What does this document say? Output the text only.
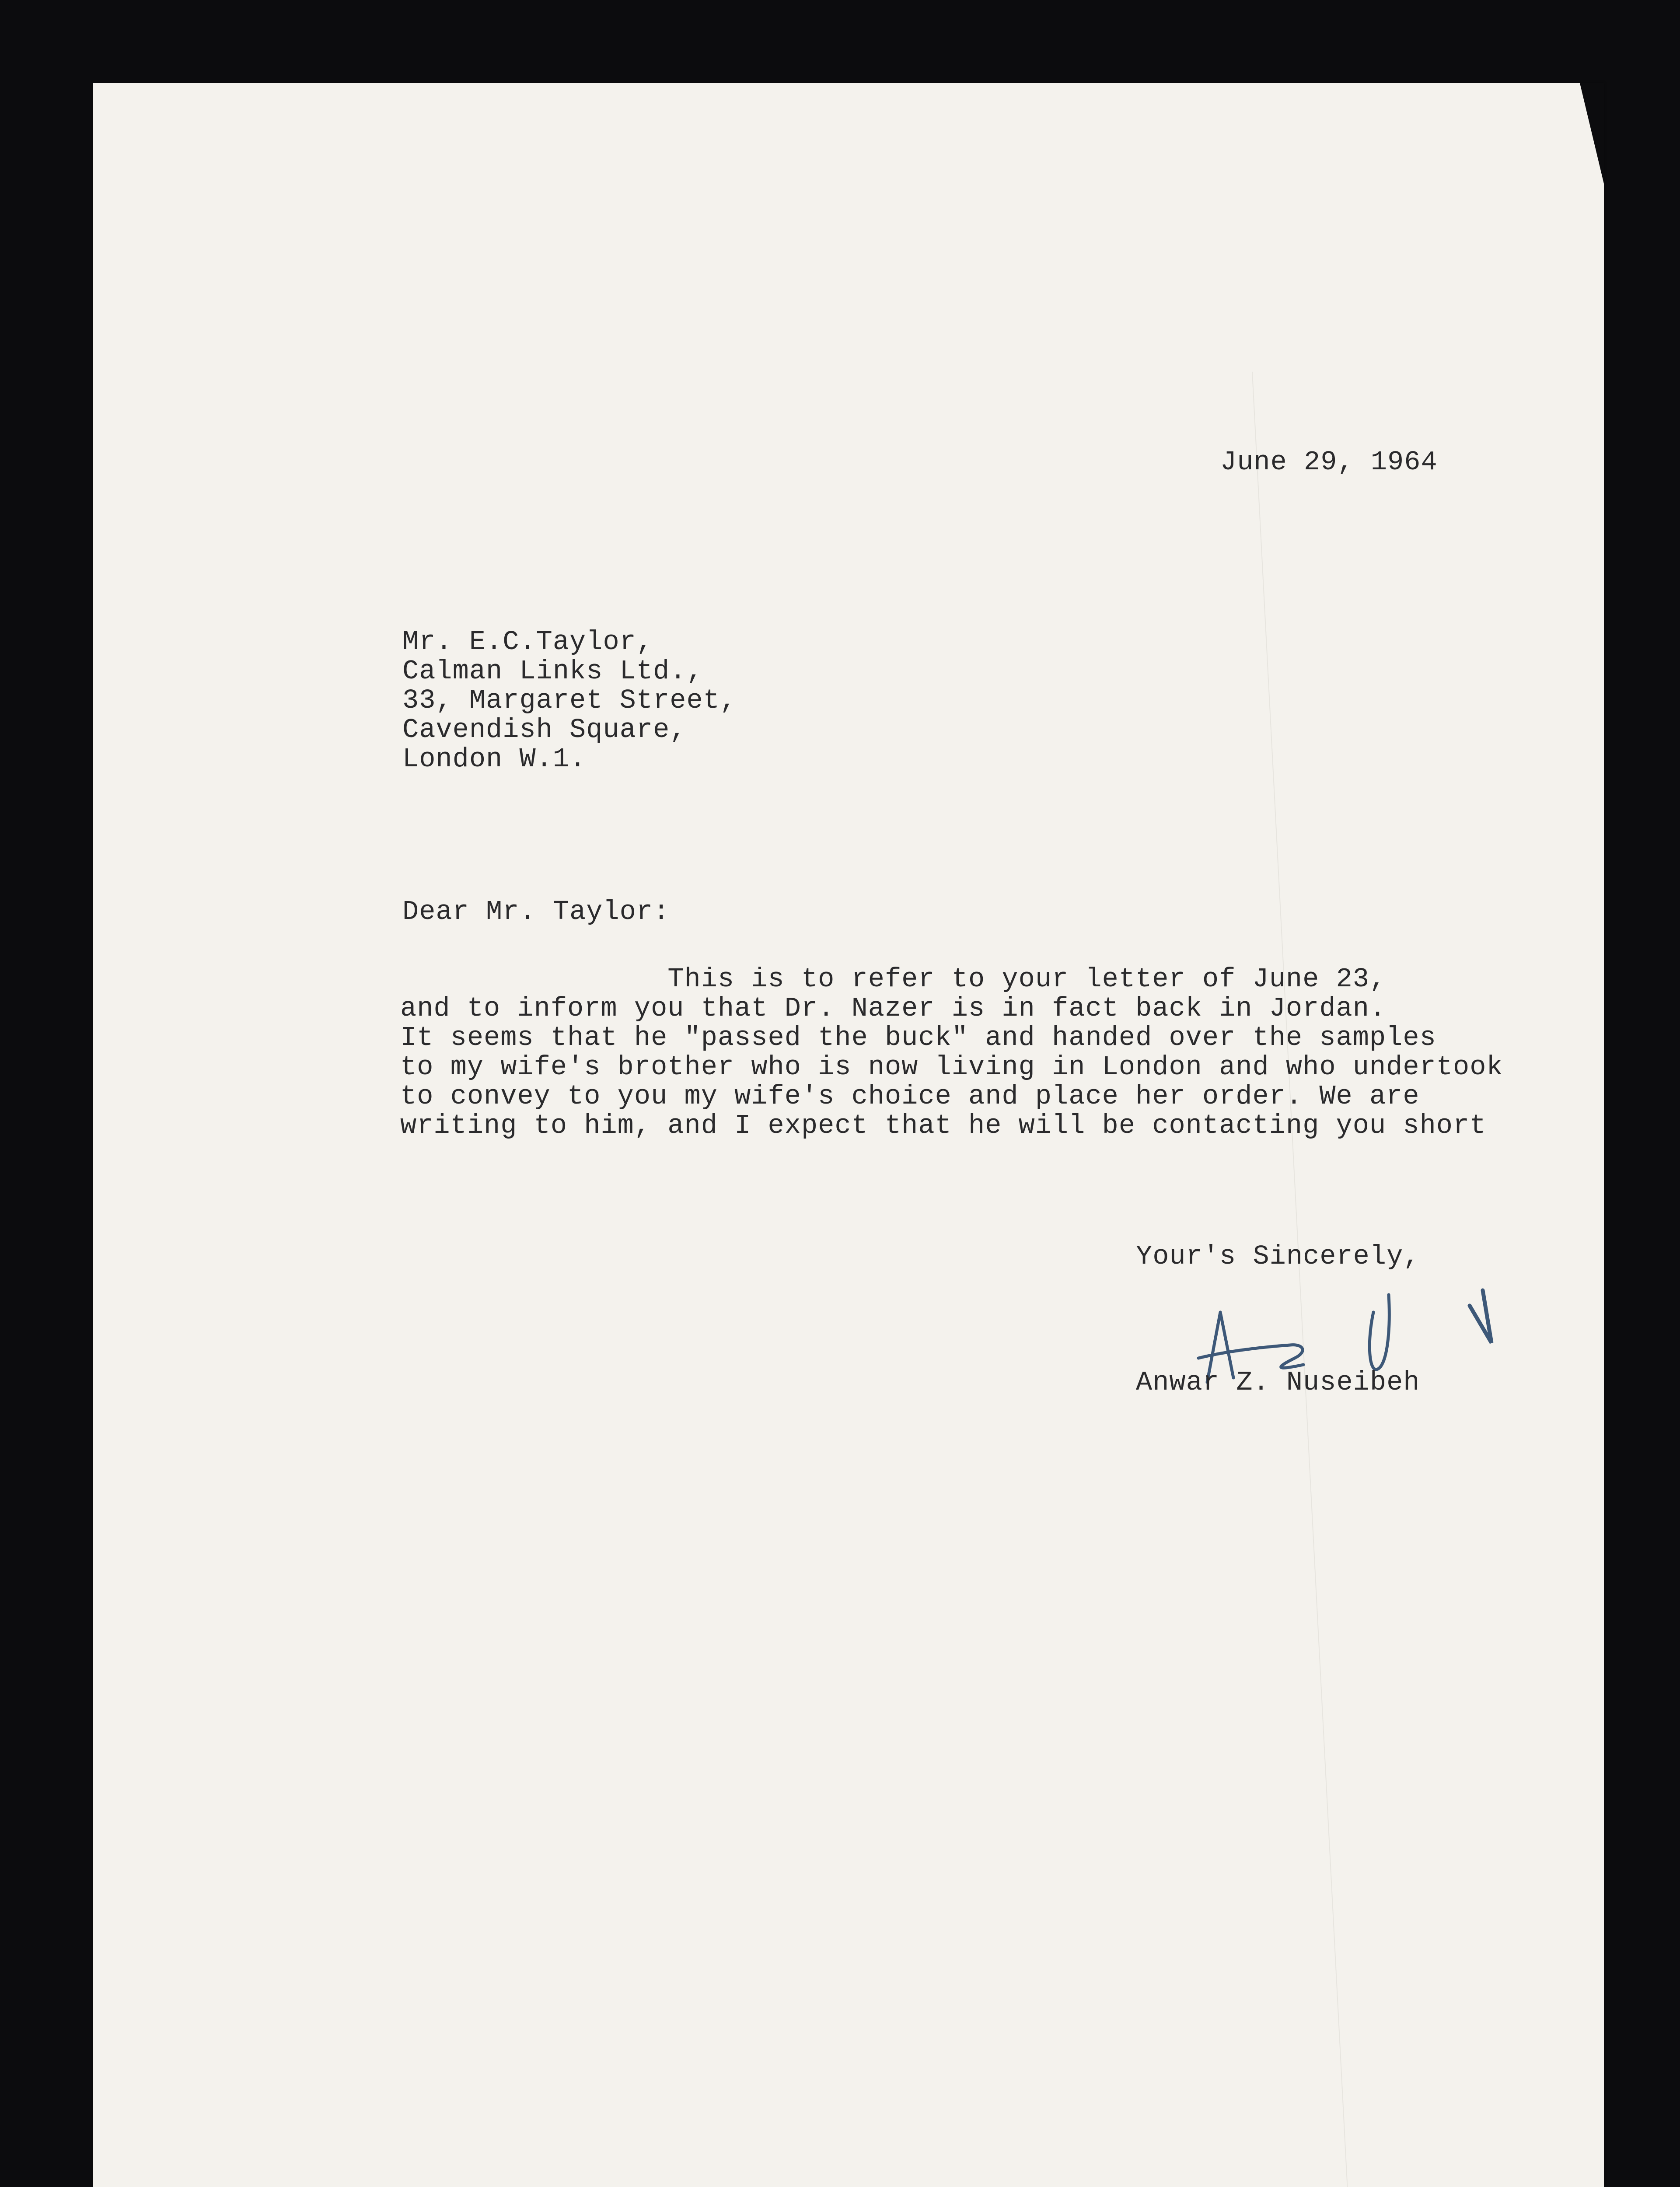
June 29, 1964
Mr. E.C.Taylor,
Calman Links Ltd.,
33, Margaret Street,
Cavendish Square,
London W.1.
Dear Mr. Taylor:
This is to refer to your letter of June 23,
and to inform you that Dr. Nazer is in fact back in Jordan.
It seems that he "passed the buck" and handed over the samples
to my wife's brother who is now living in London and who undertook
to convey to you my wife's choice and place her order. We are
writing to him, and I expect that he will be contacting you short
Your's Sincerely,
Anwar Z. Nuseibeh
